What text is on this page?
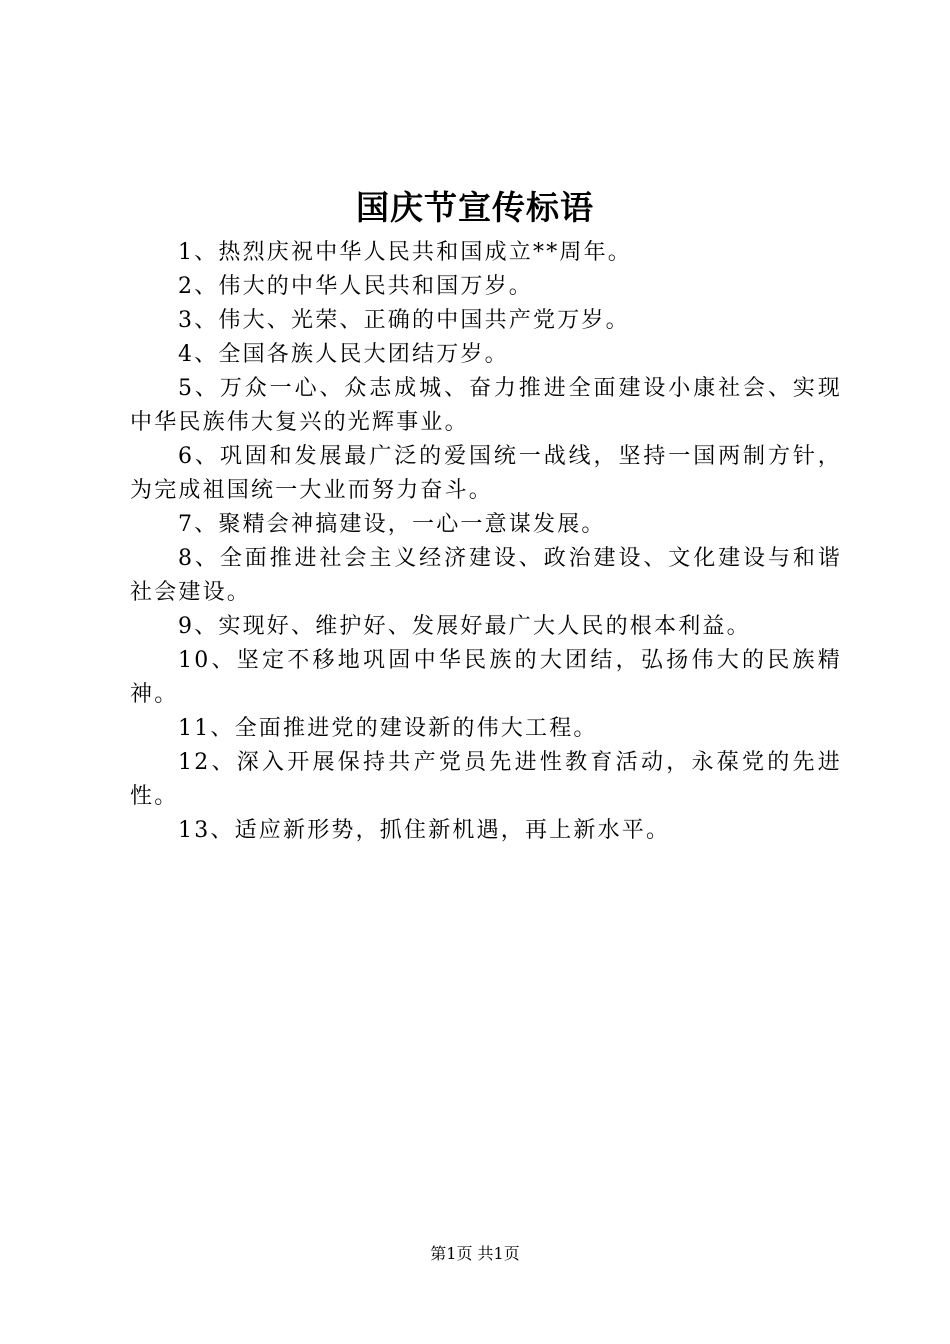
国庆节宣传标语

1、热烈庆祝中华人民共和国成立**周年。

2、伟大的中华人民共和国万岁。

3、伟大、光荣、正确的中国共产党万岁。

4、全国各族人民大团结万岁。

5、万众一心、众志成城、奋力推进全面建设小康社会、实现中华民族伟大复兴的光辉事业。

6、巩固和发展最广泛的爱国统一战线，坚持一国两制方针，为完成祖国统一大业而努力奋斗。

7、聚精会神搞建设，一心一意谋发展。

8、全面推进社会主义经济建设、政治建设、文化建设与和谐社会建设。

9、实现好、维护好、发展好最广大人民的根本利益。

10、坚定不移地巩固中华民族的大团结，弘扬伟大的民族精神。

11、全面推进党的建设新的伟大工程。

12、深入开展保持共产党员先进性教育活动，永葆党的先进性。

13、适应新形势，抓住新机遇，再上新水平。

第1页 共1页
